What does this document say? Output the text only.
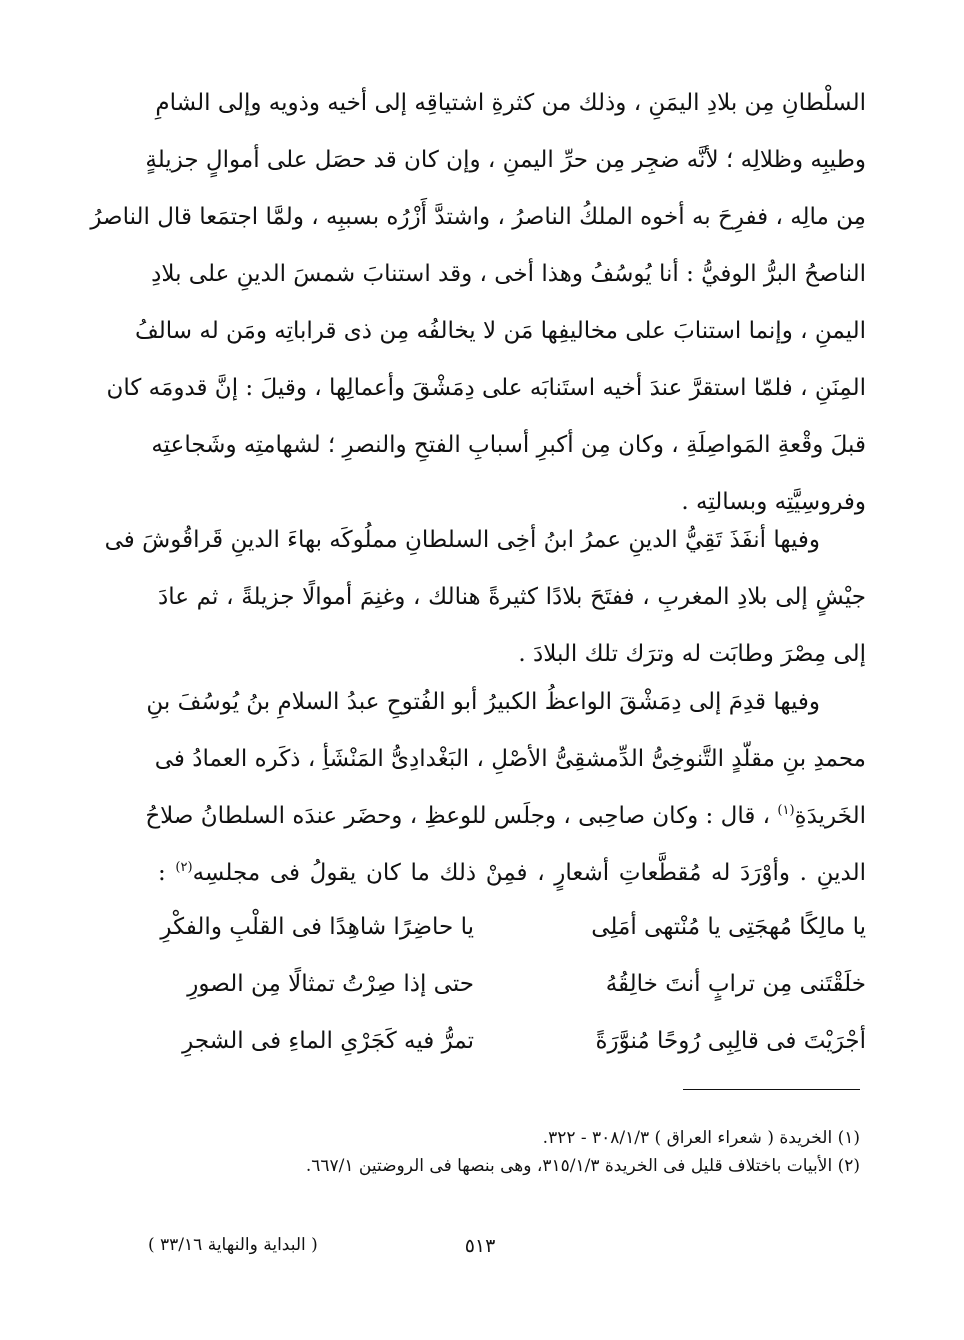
السلْطانِ مِن بلادِ اليمَنِ ، وذلك من كثرةِ اشتياقِه إلى أخيه وذويه وإلى الشامِ
وطيبِه وظلالِه ؛ لأنَّه ضجِر مِن حرِّ اليمنِ ، وإن كان قد حصَل على أموالٍ جزيلةٍ
مِن مالِه ، ففرِحَ به أخوه الملكُ الناصرُ ، واشتدَّ أَزْرُه بسببِه ، ولمَّا اجتمَعا قال الناصرُ
الناصحُ البرُّ الوفيُّ : أنا يُوسُفُ وهذا أخى ، وقد استنابَ شمسَ الدينِ على بلادِ
اليمنِ ، وإنما استنابَ على مخاليفِها مَن لا يخالفُه مِن ذى قراباتِه ومَن له سالفُ
المِنَنِ ، فلمّا استقرَّ عندَ أخيه استَنابَه على دِمَشْقَ وأعمالِها ، وقيلَ : إنَّ قدومَه كان
قبلَ وقْعةِ المَواصِلَةِ ، وكان مِن أكبرِ أسبابِ الفتحِ والنصرِ ؛ لشهامتِه وشَجاعتِه
وفروسِيَّتِه وبسالتِه .
وفيها أنفَذَ تَقِيُّ الدينِ عمرُ ابنُ أخِى السلطانِ مملُوكَه بهاءَ الدينِ قَراقُوشَ فى
جيْشٍ إلى بلادِ المغربِ ، ففتَحَ بلادًا كثيرةً هنالك ، وغنِمَ أموالًا جزيلةً ، ثم عادَ
إلى مِصْرَ وطابَت له وترَك تلك البلادَ .
وفيها قدِمَ إلى دِمَشْقَ الواعظُ الكبيرُ أبو الفُتوحِ عبدُ السلامِ بنُ يُوسُفَ بنِ
محمدِ بنِ مقلّدٍ التَّنوخِىُّ الدِّمشقِىُّ الأصْلِ ، البَغْدادِىُّ المَنْشَأِ ، ذكَره العمادُ فى
الخَريدَةِ$^{(١)}$ ، قال : وكان صاحِبى ، وجلَس للوعظِ ، وحضَر عندَه السلطانُ صلاحُ
الدينِ . وأوْرَدَ له مُقطَّعاتِ أشعارٍ ، فمِنْ ذلك ما كان يقولُ فى مجلسِه$^{(٢)}$ :
يا مالِكًا مُهجَتِى يا مُنْتهى أمَلِى
يا حاضِرًا شاهِدًا فى القلْبِ والفكْرِ
خلَقْتَنى مِن ترابٍ أنتَ خالِقُهُ
حتى إذا صِرْتُ تمثالًا مِن الصورِ
أجْرَيْتَ فى قالِبِى رُوحًا مُنوَّرَةً
تمرُّ فيه كَجَرْىِ الماءِ فى الشجرِ
(١) الخريدة ( شعراء العراق ) ٣٠٨/١/٣ - ٣٢٢.
(٢) الأبيات باختلاف قليل فى الخريدة ٣١٥/١/٣، وهى بنصها فى الروضتين ٦٦٧/١.
( البداية والنهاية ٣٣/١٦ )	٥١٣
